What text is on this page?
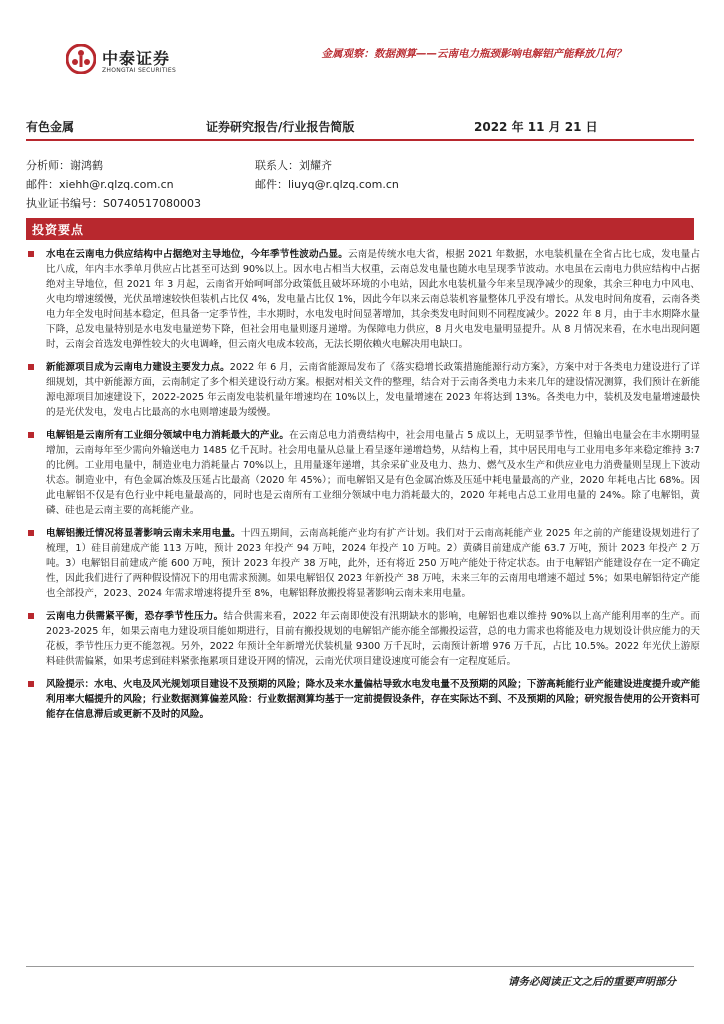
中泰证券
ZHONGTAI SECURITIES
金属观察：数据测算——云南电力瓶颈影响电解铝产能释放几何？
有色金属	证券研究报告/行业报告简版	2022 年 11 月 21 日
分析师：谢鸿鹤	联系人：刘耀齐
邮件：xiehh@r.qlzq.com.cn	邮件：liuyq@r.qlzq.com.cn
执业证书编号：S0740517080003
投资要点
水电在云南电力供应结构中占据绝对主导地位，今年季节性波动凸显。云南是传统水电大省，根据 2021 年数据，水电装机量在全省占比七成，发电量占比八成，年内丰水季单月供应占比甚至可达到 90%以上。因水电占相当大权重，云南总发电量也随水电呈现季节波动。水电虽在云南电力供应结构中占据绝对主导地位，但 2021 年 3 月起，云南省开始呵呵部分政策低且破坏环境的小电站，因此水电装机量今年来呈现净减少的现象，其余三种电力中风电、火电均增速缓慢，光伏虽增速较快但装机占比仅 4%，发电量占比仅 1%，因此今年以来云南总装机容量整体几乎没有增长。从发电时间角度看，云南各类电力年全发电时间基本稳定，但具备一定季节性，丰水期时，水电发电时间显著增加，其余类发电时间则不同程度减少。2022 年 8 月，由于丰水期降水量下降，总发电量特别是水电发电量逆势下降，但社会用电量则逐月递增。为保障电力供应，8 月火电发电量明显提升。从 8 月情况来看，在水电出现问题时，云南会首选发电弹性较大的火电调峰，但云南火电成本较高，无法长期依赖火电解决用电缺口。
新能源项目成为云南电力建设主要发力点。2022 年 6 月，云南省能源局发布了《落实稳增长政策措施能源行动方案》，方案中对于各类电力建设进行了详细规划，其中新能源方面，云南制定了多个相关建设行动方案。根据对相关文件的整理，结合对于云南各类电力未来几年的建设情况测算，我们预计在新能源电源项目加速建设下，2022-2025 年云南发电装机量年增速均在 10%以上，发电量增速在 2023 年将达到 13%。各类电力中，装机及发电量增速最快的是光伏发电，发电占比最高的水电则增速最为缓慢。
电解铝是云南所有工业细分领域中电力消耗最大的产业。在云南总电力消费结构中，社会用电量占 5 成以上，无明显季节性，但输出电量会在丰水期明显增加，云南每年至少需向外输送电力 1485 亿千瓦时。社会用电量从总量上看呈逐年递增趋势，从结构上看，其中居民用电与工业用电多年来稳定维持 3:7 的比例。工业用电量中，制造业电力消耗量占 70%以上，且用量逐年递增，其余采矿业及电力、热力、燃气及水生产和供应业电力消费量则呈现上下波动状态。制造业中，有色金属冶炼及压延占比最高（2020 年 45%）；而电解铝又是有色金属冶炼及压延中耗电量最高的产业，2020 年耗电占比 68%。因此电解铝不仅是有色行业中耗电量最高的，同时也是云南所有工业细分领域中电力消耗最大的，2020 年耗电占总工业用电量的 24%。除了电解铝，黄磷、硅也是云南主要的高耗能产业。
电解铝搬迁情况将显著影响云南未来用电量。十四五期间，云南高耗能产业均有扩产计划。我们对于云南高耗能产业 2025 年之前的产能建设规划进行了梳理，1）硅目前建成产能 113 万吨，预计 2023 年投产 94 万吨，2024 年投产 10 万吨。2）黄磷目前建成产能 63.7 万吨，预计 2023 年投产 2 万吨。3）电解铝目前建成产能 600 万吨，预计 2023 年投产 38 万吨，此外，还有将近 250 万吨产能处于待定状态。由于电解铝产能建设存在一定不确定性，因此我们进行了两种假设情况下的用电需求预测。如果电解铝仅 2023 年新投产 38 万吨，未来三年的云南用电增速不超过 5%；如果电解铝待定产能也全部投产，2023、2024 年需求增速将提升至 8%，电解铝释放搬投将显著影响云南未来用电量。
云南电力供需紧平衡，恐存季节性压力。结合供需来看，2022 年云南即使没有汛期缺水的影响，电解铝也难以维持 90%以上高产能利用率的生产。而 2023-2025 年，如果云南电力建设项目能如期进行，目前有搬投规划的电解铝产能亦能全部搬投运营，总的电力需求也将能及电力规划设计供应能力的天花板，季节性压力更不能忽视。另外，2022 年预计全年新增光伏装机量 9300 万千瓦时，云南预计新增 976 万千瓦，占比 10.5%。2022 年光伏上游原料硅供需偏紧，如果考虑到硅料紧张拖累项目建设开网的情况，云南光伏项目建设速度可能会有一定程度延后。
风险提示：水电、火电及风光规划项目建设不及预期的风险；降水及来水量偏枯导致水电发电量不及预期的风险；下游高耗能行业产能建设进度提升或产能利用率大幅提升的风险；行业数据测算偏差风险：行业数据测算均基于一定前提假设条件，存在实际达不到、不及预期的风险；研究报告使用的公开资料可能存在信息滞后或更新不及时的风险。
请务必阅读正文之后的重要声明部分
